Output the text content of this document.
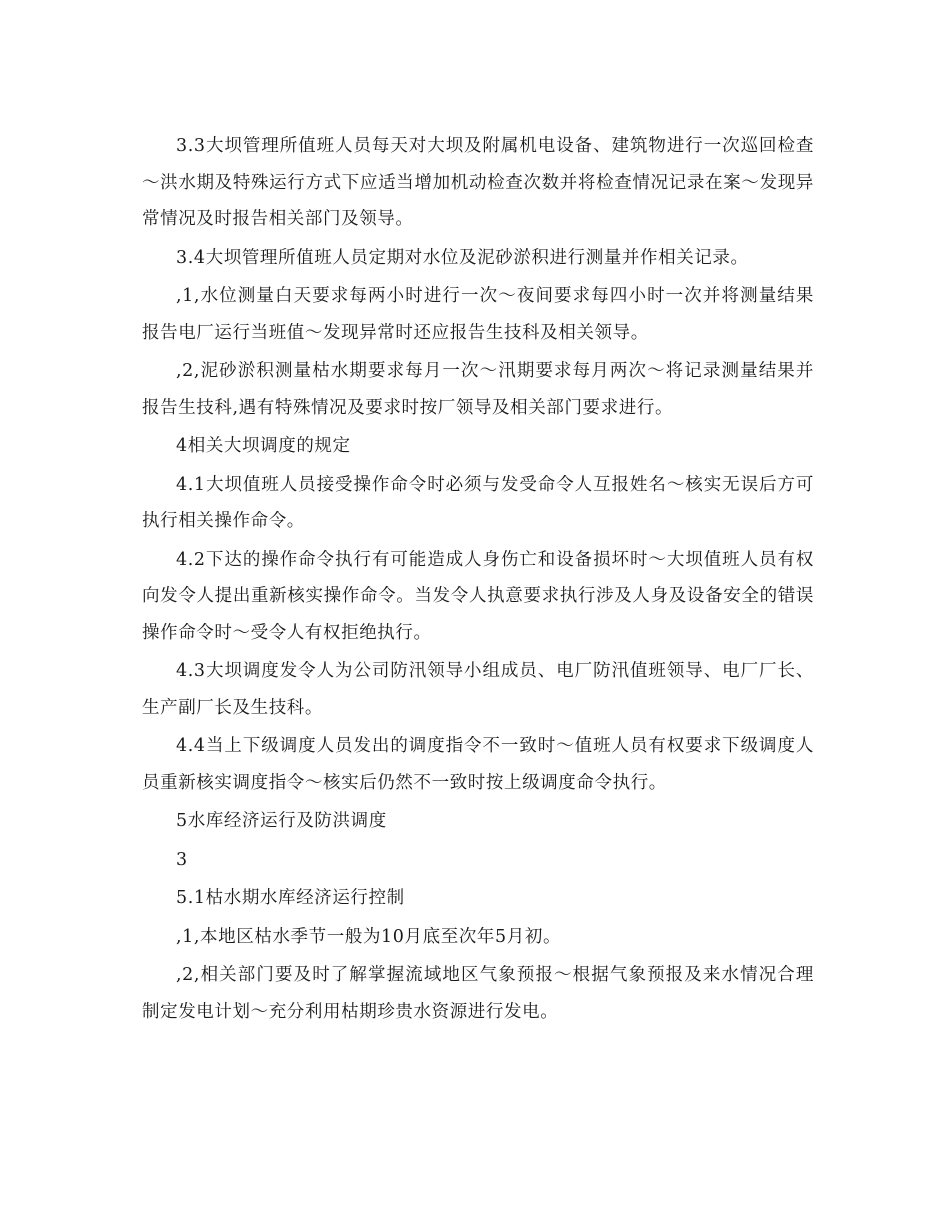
3.3大坝管理所值班人员每天对大坝及附属机电设备、建筑物进行一次巡回检查～洪水期及特殊运行方式下应适当增加机动检查次数并将检查情况记录在案～发现异常情况及时报告相关部门及领导。

3.4大坝管理所值班人员定期对水位及泥砂淤积进行测量并作相关记录。

,1,水位测量白天要求每两小时进行一次～夜间要求每四小时一次并将测量结果报告电厂运行当班值～发现异常时还应报告生技科及相关领导。

,2,泥砂淤积测量枯水期要求每月一次～汛期要求每月两次～将记录测量结果并报告生技科,遇有特殊情况及要求时按厂领导及相关部门要求进行。

4相关大坝调度的规定

4.1大坝值班人员接受操作命令时必须与发受命令人互报姓名～核实无误后方可执行相关操作命令。

4.2下达的操作命令执行有可能造成人身伤亡和设备损坏时～大坝值班人员有权向发令人提出重新核实操作命令。当发令人执意要求执行涉及人身及设备安全的错误操作命令时～受令人有权拒绝执行。

4.3大坝调度发令人为公司防汛领导小组成员、电厂防汛值班领导、电厂厂长、生产副厂长及生技科。

4.4当上下级调度人员发出的调度指令不一致时～值班人员有权要求下级调度人员重新核实调度指令～核实后仍然不一致时按上级调度命令执行。

5水库经济运行及防洪调度

3

5.1枯水期水库经济运行控制

,1,本地区枯水季节一般为10月底至次年5月初。

,2,相关部门要及时了解掌握流域地区气象预报～根据气象预报及来水情况合理制定发电计划～充分利用枯期珍贵水资源进行发电。
